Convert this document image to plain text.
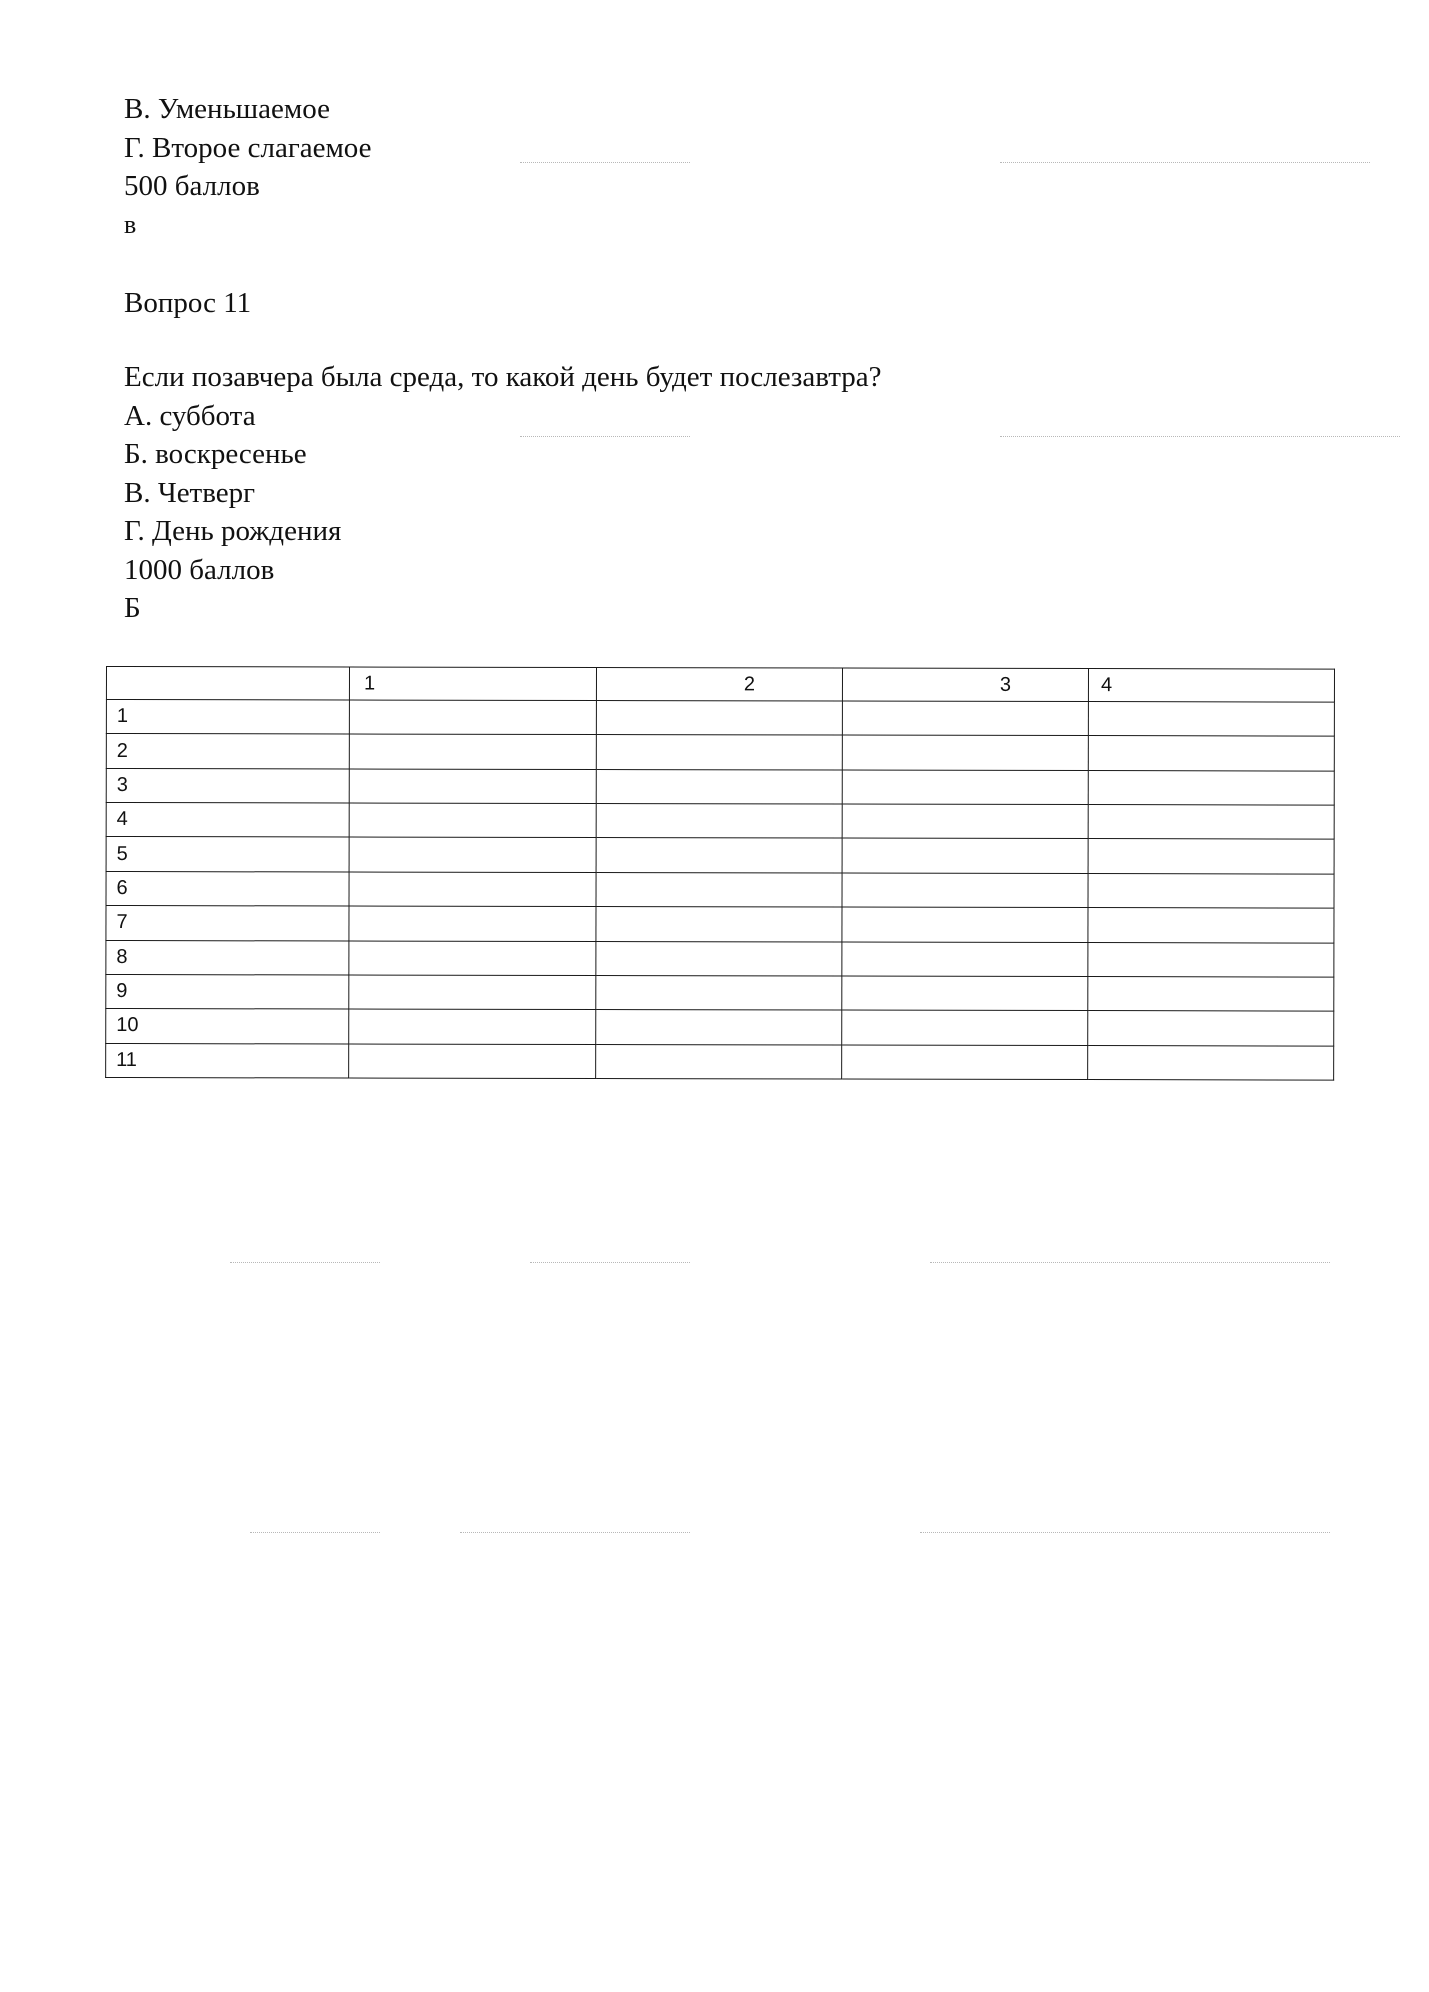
В. Уменьшаемое
Г. Второе слагаемое
500 баллов
в
Вопрос 11
Если позавчера была среда, то какой день будет послезавтра?
А. суббота
Б. воскресенье
В. Четверг
Г. День рождения
1000 баллов
Б
	1	2	3	4
1				
2				
3				
4				
5				
6				
7				
8				
9				
10				
11				
